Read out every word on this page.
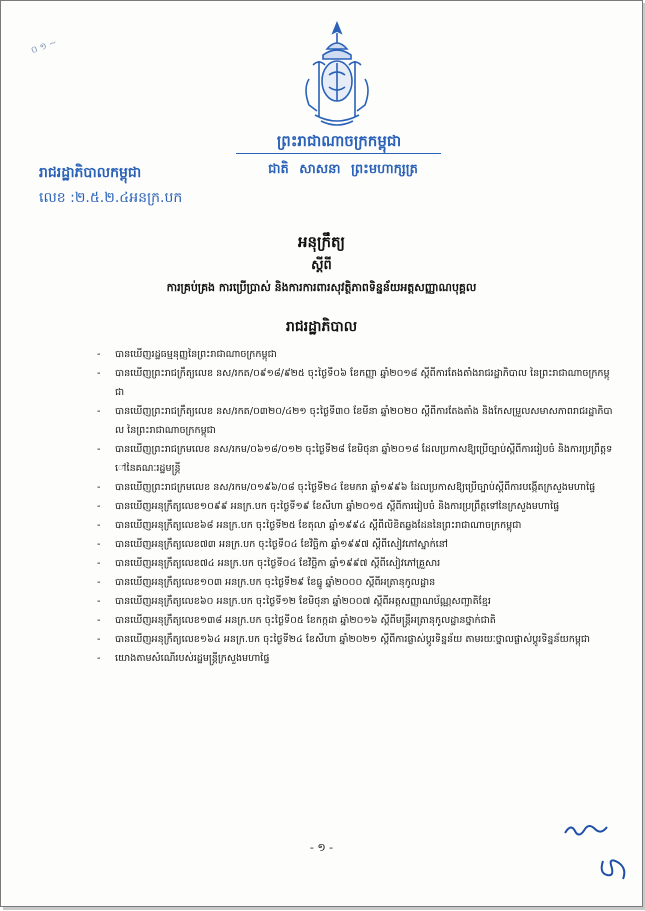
០ ១ ~
ព្រះរាជាណាចក្រកម្ពុជា
ជាតិ សាសនា ព្រះមហាក្សត្រ
រាជរដ្ឋាភិបាលកម្ពុជា
លេខ :២.៥.២.៤អនក្រ.បក
អនុក្រឹត្យ
ស្ដីពី
ការគ្រប់គ្រង ការប្រើប្រាស់ និងការការពារសុវត្ថិភាពទិន្នន័យអត្តសញ្ញាណបុគ្គល
រាជរដ្ឋាភិបាល
- បានឃើញរដ្ឋធម្មនុញ្ញនៃព្រះរាជាណាចក្រកម្ពុជា
- បានឃើញព្រះរាជក្រឹត្យលេខ នស/រកត/០៩១៨/៩២៥ ចុះថ្ងៃទី០៦ ខែកញ្ញា ឆ្នាំ២០១៨ ស្ដីពីការតែងតាំងរាជរដ្ឋាភិបាល នៃព្រះរាជាណាចក្រកម្ពុជា
- បានឃើញព្រះរាជក្រឹត្យលេខ នស/រកត/០៣២០/៤២១ ចុះថ្ងៃទី៣០ ខែមីនា ឆ្នាំ២០២០ ស្ដីពីការតែងតាំង និងកែសម្រួលសមាសភាពរាជរដ្ឋាភិបាល នៃព្រះរាជាណាចក្រកម្ពុជា
- បានឃើញព្រះរាជក្រមលេខ នស/រកម/០៦១៨/០១២ ចុះថ្ងៃទី២៨ ខែមិថុនា ឆ្នាំ២០១៨ ដែលប្រកាសឱ្យប្រើច្បាប់ស្ដីពីការរៀបចំ និងការប្រព្រឹត្តទៅនៃគណៈរដ្ឋមន្ត្រី
- បានឃើញព្រះរាជក្រមលេខ នស/រកម/០១៩៦/០៨ ចុះថ្ងៃទី២៤ ខែមករា ឆ្នាំ១៩៩៦ ដែលប្រកាសឱ្យប្រើច្បាប់ស្ដីពីការបង្កើតក្រសួងមហាផ្ទៃ
- បានឃើញអនុក្រឹត្យលេខ១០៩៩ អនក្រ.បក ចុះថ្ងៃទី១៩ ខែសីហា ឆ្នាំ២០១៥ ស្ដីពីការរៀបចំ និងការប្រព្រឹត្តទៅនៃក្រសួងមហាផ្ទៃ
- បានឃើញអនុក្រឹត្យលេខ៦៨ អនក្រ.បក ចុះថ្ងៃទី២៥ ខែតុលា ឆ្នាំ១៩៩៤ ស្ដីពីលិខិតឆ្លងដែននៃព្រះរាជាណាចក្រកម្ពុជា
- បានឃើញអនុក្រឹត្យលេខ៧៣ អនក្រ.បក ចុះថ្ងៃទី០៤ ខែវិច្ឆិកា ឆ្នាំ១៩៩៧ ស្ដីពីសៀវភៅស្នាក់នៅ
- បានឃើញអនុក្រឹត្យលេខ៧៤ អនក្រ.បក ចុះថ្ងៃទី០៤ ខែវិច្ឆិកា ឆ្នាំ១៩៩៧ ស្ដីពីសៀវភៅគ្រួសារ
- បានឃើញអនុក្រឹត្យលេខ១០៣ អនក្រ.បក ចុះថ្ងៃទី២៩ ខែធ្នូ ឆ្នាំ២០០០ ស្ដីពីអត្រានុកូលដ្ឋាន
- បានឃើញអនុក្រឹត្យលេខ៦០ អនក្រ.បក ចុះថ្ងៃទី១២ ខែមិថុនា ឆ្នាំ២០០៧ ស្ដីពីអត្តសញ្ញាណប័ណ្ណសញ្ជាតិខ្មែរ
- បានឃើញអនុក្រឹត្យលេខ១៣៨ អនក្រ.បក ចុះថ្ងៃទី០៥ ខែកក្កដា ឆ្នាំ២០១៦ ស្ដីពីមន្ត្រីអត្រានុកូលដ្ឋានថ្នាក់ជាតិ
- បានឃើញអនុក្រឹត្យលេខ១៦៤ អនក្រ.បក ចុះថ្ងៃទី២៤ ខែសីហា ឆ្នាំ២០២១ ស្ដីពីការផ្លាស់ប្ដូរទិន្នន័យ តាមរយៈថ្នាលផ្លាស់ប្ដូរទិន្នន័យកម្ពុជា
- យោងតាមសំណើរបស់រដ្ឋមន្ត្រីក្រសួងមហាផ្ទៃ
- ១ -
